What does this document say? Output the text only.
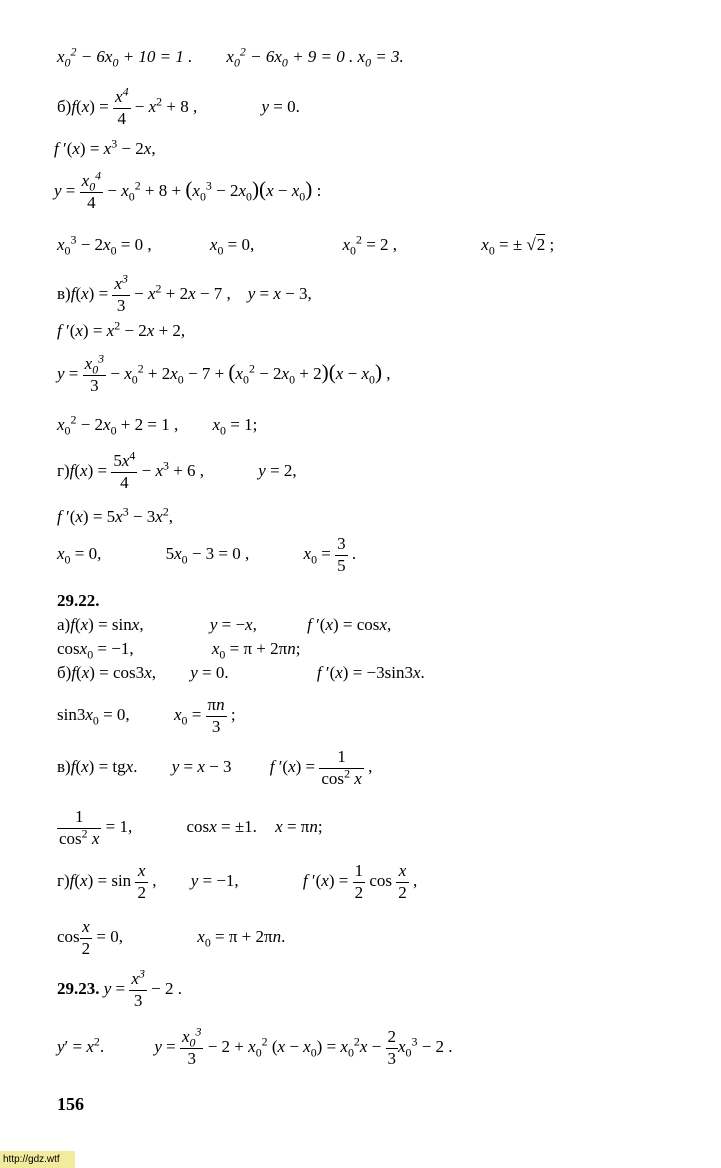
$x_0^2 - 6x_0 + 10 = 1$ .        $x_0^2 - 6x_0 + 9 = 0$ . $x_0 = 3$.
$б)f(x) = \frac{x^4}{4} - x^2 + 8$ ,	y = 0.
f $'(x) = x^3 - 2x$,
$y = \frac{x_0^4}{4} - x_0^2 + 8 + (x_0^3 - 2x_0)(x - x_0)$ :
$x_0^3 - 2x_0 = 0$ ,	$x_0 = 0$,	$x_0^2 = 2$ ,	$x_0$ = ± √2 ;
$в)f(x) = \frac{x^3}{3} - x^2 + 2x - 7$ ,    y = x − 3,
f $'(x) = x^2 - 2x + 2$,
$y = \frac{x_0^3}{3} - x_0^2 + 2x_0 - 7 + (x_0^2 - 2x_0 + 2)(x - x_0)$ ,
$x_0^2 - 2x_0 + 2 = 1$ , $x_0 = 1$;
$г)f(x) = \frac{5x^4}{4} - x^3 + 6$ ,	y = 2,
f $'(x) = 5x^3 - 3x^2$,
$x_0 = 0$,	$5x_0 - 3 = 0$ ,	$x_0 = \frac{3}{5}$ .
29.22.
а)f(x) = sinx,	y = −x,	f ′(x) = cosx,
cosx$_0$ = −1,	$x_0 = \pi + 2\pi n$;
б)f(x) = cos3x, y = 0.	f ′(x) = −3sin3x.
$\sin 3x_0 = 0$, $x_0 = \frac{\pi n}{3}$ ;
в)f(x) = tgx. y = x − 3 f $'(x) = \frac{1}{\cos^2 x}$ ,
$\frac{1}{\cos^2 x} = 1$,	cosx = ±1. x = πn;
$г)f(x) = \sin \frac{x}{2}$ , y = −1,	f $'(x) = \frac{1}{2}$ $\cos \frac{x}{2}$ ,
$\cos \frac{x}{2} = 0$,	$x_0 = \pi + 2\pi n$.
29.23. $y = \frac{x^3}{3} - 2$ .
$y' = x^2$.	$y = \frac{x_0^3}{3} - 2 + x_0^2$ $(x - x_0) = x_0^2x - \frac{2}{3} x_0^3 - 2$ .
156
http://gdz.wtf
